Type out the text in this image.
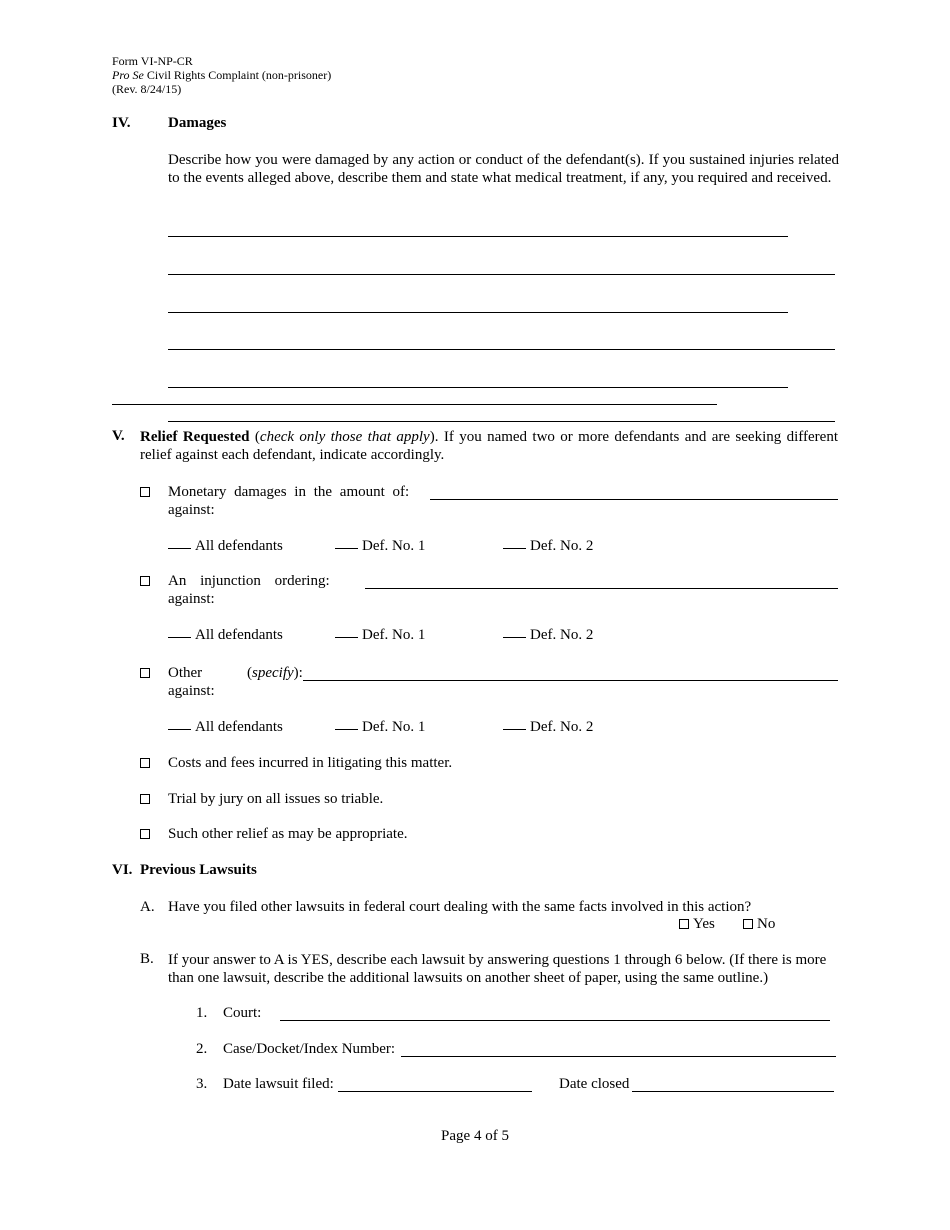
Form VI-NP-CR
Pro Se Civil Rights Complaint (non-prisoner)
(Rev. 8/24/15)
IV.	Damages
Describe how you were damaged by any action or conduct of the defendant(s). If you sustained injuries related to the events alleged above, describe them and state what medical treatment, if any, you required and received.
V. Relief Requested (check only those that apply). If you named two or more defendants and are seeking different relief against each defendant, indicate accordingly.
Monetary damages in the amount of:
against:
All defendants	Def. No. 1	Def. No. 2
An injunction ordering:
against:
All defendants	Def. No. 1	Def. No. 2
Other	(specify):
against:
All defendants	Def. No. 1	Def. No. 2
Costs and fees incurred in litigating this matter.
Trial by jury on all issues so triable.
Such other relief as may be appropriate.
VI. Previous Lawsuits
A. Have you filed other lawsuits in federal court dealing with the same facts involved in this action?
Yes	No
B. If your answer to A is YES, describe each lawsuit by answering questions 1 through 6 below. (If there is more than one lawsuit, describe the additional lawsuits on another sheet of paper, using the same outline.)
1. Court:
2. Case/Docket/Index Number:
3. Date lawsuit filed:	Date closed
Page 4 of 5
